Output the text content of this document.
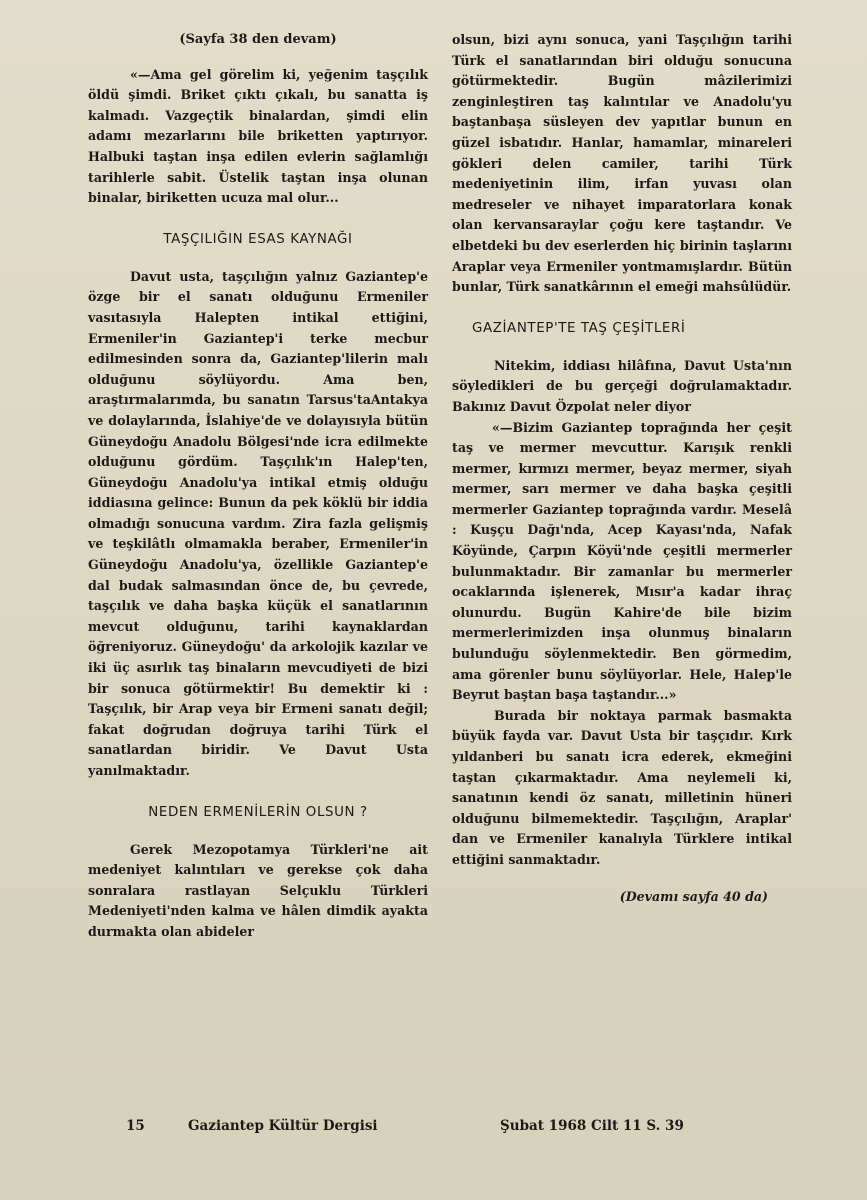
(Sayfa 38 den devam)

«—Ama gel görelim ki, yeğenim taşçılık öldü şimdi. Briket çıktı çıkalı, bu sanatta iş kalmadı. Vazgeçtik binalardan, şimdi elin adamı mezarlarını bile briketten yaptırıyor. Halbuki taştan inşa edilen evlerin sağlamlığı tarihlerle sabit. Üstelik taştan inşa olunan binalar, biriketten ucuza mal olur...

TAŞÇILIĞIN ESAS KAYNAĞI

Davut usta, taşçılığın yalnız Gaziantep'e özge bir el sanatı olduğunu Ermeniler vasıtasıyla Halepten intikal ettiğini, Ermeniler'in Gaziantep'i terke mecbur edilmesinden sonra da, Gaziantep'lilerin malı olduğunu söylüyordu. Ama ben, araştırmalarımda, bu sanatın Tarsus'taAntakya ve dolaylarında, İslahiye'de ve dolayısıyla bütün Güneydoğu Anadolu Bölgesi'nde icra edilmekte olduğunu gördüm. Taşçılık'ın Halep'ten, Güneydoğu Anadolu'ya intikal etmiş olduğu iddiasına gelince: Bunun da pek köklü bir iddia olmadığı sonucuna vardım. Zira fazla gelişmiş ve teşkilâtlı olmamakla beraber, Ermeniler'in Güneydoğu Anadolu'ya, özellikle Gaziantep'e dal budak salmasından önce de, bu çevrede, taşçılık ve daha başka küçük el sanatlarının mevcut olduğunu, tarihi kaynaklardan öğreniyoruz. Güneydoğu' da arkolojik kazılar ve iki üç asırlık taş binaların mevcudiyeti de bizi bir sonuca götürmektir! Bu demektir ki : Taşçılık, bir Arap veya bir Ermeni sanatı değil; fakat doğrudan doğruya tarihi Türk el sanatlardan biridir. Ve Davut Usta yanılmaktadır.

NEDEN ERMENİLERİN OLSUN ?

Gerek Mezopotamya Türkleri'ne ait medeniyet kalıntıları ve gerekse çok daha sonralara rastlayan Selçuklu Türkleri Medeniyeti'nden kalma ve hâlen dimdik ayakta durmakta olan abideler

olsun, bizi aynı sonuca, yani Taşçılığın tarihi Türk el sanatlarından biri olduğu sonucuna götürmektedir. Bugün mâzilerimizi zenginleştiren taş kalıntılar ve Anadolu'yu baştanbaşa süsleyen dev yapıtlar bunun en güzel isbatıdır. Hanlar, hamamlar, minareleri gökleri delen camiler, tarihi Türk medeniyetinin ilim, irfan yuvası olan medreseler ve nihayet imparatorlara konak olan kervansaraylar çoğu kere taştandır. Ve elbetdeki bu dev eserlerden hiç birinin taşlarını Araplar veya Ermeniler yontmamışlardır. Bütün bunlar, Türk sanatkârının el emeği mahsûlüdür.

GAZİANTEP'TE TAŞ ÇEŞİTLERİ

Nitekim, iddiası hilâfına, Davut Usta'nın söyledikleri de bu gerçeği doğrulamaktadır. Bakınız Davut Özpolat neler diyor

«—Bizim Gaziantep toprağında her çeşit taş ve mermer mevcuttur. Karışık renkli mermer, kırmızı mermer, beyaz mermer, siyah mermer, sarı mermer ve daha başka çeşitli mermerler Gaziantep toprağında vardır. Meselâ : Kuşçu Dağı'nda, Acep Kayası'nda, Nafak Köyünde, Çarpın Köyü'nde çeşitli mermerler bulunmaktadır. Bir zamanlar bu mermerler ocaklarında işlenerek, Mısır'a kadar ihraç olunurdu. Bugün Kahire'de bile bizim mermerlerimizden inşa olunmuş binaların bulunduğu söylenmektedir. Ben görmedim, ama görenler bunu söylüyorlar. Hele, Halep'le Beyrut baştan başa taştandır...»

Burada bir noktaya parmak basmakta büyük fayda var. Davut Usta bir taşçıdır. Kırk yıldanberi bu sanatı icra ederek, ekmeğini taştan çıkarmaktadır. Ama neylemeli ki, sanatının kendi öz sanatı, milletinin hüneri olduğunu bilmemektedir. Taşçılığın, Araplar' dan ve Ermeniler kanalıyla Türklere intikal ettiğini sanmaktadır.

(Devamı sayfa 40 da)
15	Gaziantep Kültür Dergisi	Şubat 1968 Cilt 11 S. 39
